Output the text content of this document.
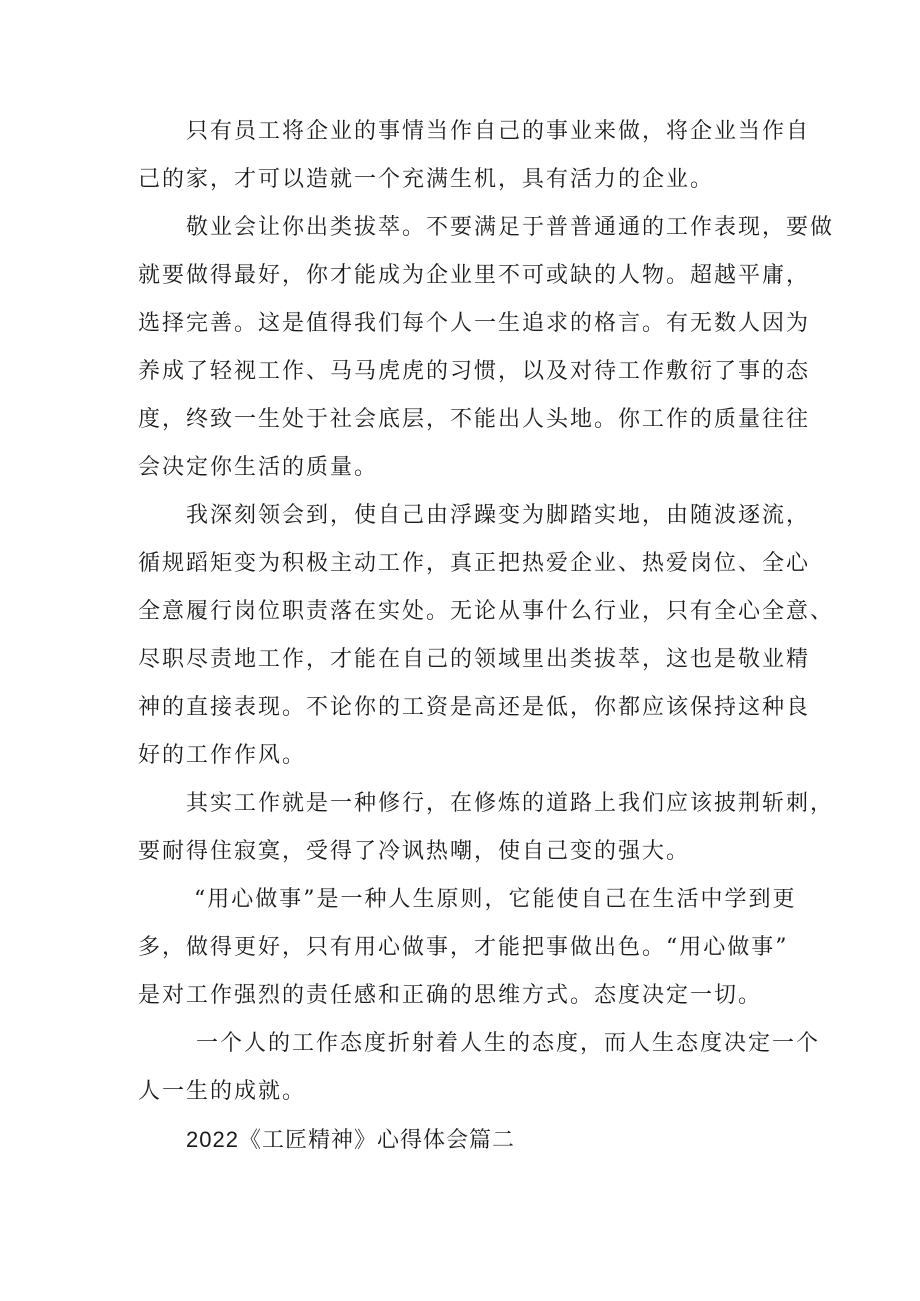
只有员工将企业的事情当作自己的事业来做，将企业当作自
己的家，才可以造就一个充满生机，具有活力的企业。
敬业会让你出类拔萃。不要满足于普普通通的工作表现，要做
就要做得最好，你才能成为企业里不可或缺的人物。超越平庸，
选择完善。这是值得我们每个人一生追求的格言。有无数人因为
养成了轻视工作、马马虎虎的习惯，以及对待工作敷衍了事的态
度，终致一生处于社会底层，不能出人头地。你工作的质量往往
会决定你生活的质量。
我深刻领会到，使自己由浮躁变为脚踏实地，由随波逐流，
循规蹈矩变为积极主动工作，真正把热爱企业、热爱岗位、全心
全意履行岗位职责落在实处。无论从事什么行业，只有全心全意、
尽职尽责地工作，才能在自己的领域里出类拔萃，这也是敬业精
神的直接表现。不论你的工资是高还是低，你都应该保持这种良
好的工作作风。
其实工作就是一种修行，在修炼的道路上我们应该披荆斩刺，
要耐得住寂寞，受得了冷讽热嘲，使自己变的强大。
“用心做事”是一种人生原则，它能使自己在生活中学到更
多，做得更好，只有用心做事，才能把事做出色。“用心做事”
是对工作强烈的责任感和正确的思维方式。态度决定一切。
一个人的工作态度折射着人生的态度，而人生态度决定一个
人一生的成就。
2022《工匠精神》心得体会篇二
